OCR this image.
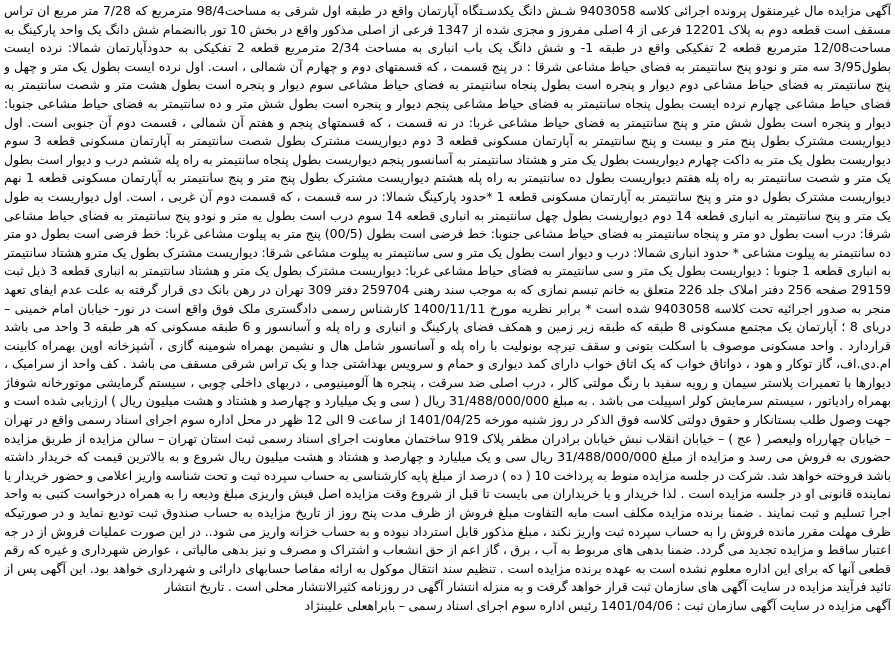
آگهی مزایده مال غیرمنقول پرونده اجرائی کلاسه 9403058 شـش دانگ یکدسـتگاه آپارتمان واقع در طبقه اول شرقی به مساحت98/4 مترمربع که 7/28 متر مربع ان تراس مسقف است قطعه دوم به پلاک 12201 فرعی از 4 اصلی مفروز و مجزی شده از 1347 فرعی از اصلی مذکور واقع در بخش 10 تور باانضمام شش دانگ یک واحد پارکینگ به مساحت12/08 مترمربع قطعه 2 تفکیکی واقع در طبقه 1- و شش دانگ یک باب انباری به مساحت 2/34 مترمربع قطعه 2 تفکیکی به حدودآپارتمان شمالا: نرده ایست بطول3/95 سه متر و نودو پنج سانتیمتر به فضای حیاط مشاعی شرقا : در پنج قسمت ، که قسمتهای دوم و چهارم آن شمالی ، است. اول نرده ایست بطول یک متر و چهل و پنج سانتیمتر به فضای حیاط مشاعی دوم دیوار و پنجره است بطول پنجاه سانتیمتر به فضای حیاط مشاعی سوم دیوار و پنجره است بطول هشت متر و شصت سانتیمتر به فضای حیاط مشاعی چهارم نرده ایست بطول پنجاه سانتیمتر به فضای حیاط مشاعی پنجم دیوار و پنجره است بطول شش متر و ده سانتیمتر به فضای حیاط مشاعی جنوبا: دیوار و پنجره است بطول شش متر و پنج سانتیمتر به فضای حیاط مشاعی غربا: در نه قسمت ، که قسمتهای پنجم و هفتم آن شمالی ، قسمت دوم آن جنوبی است. اول دیواریست مشترک بطول پنج متر و بیست و پنج سانتیمتر به آپارتمان مسکونی قطعه 3 دوم دیواریست مشترک بطول شصت سانتیمتر به آپارتمان مسکونی قطعه 3 سوم دیواریست بطول یک متر به داکت چهارم دیواریست بطول یک متر و هشتاد سانتیمتر به آسانسور پنجم دیواریست بطول پنجاه سانتیمتر به راه پله ششم درب و دیوار است بطول یک متر و شصت سانتیمتر به راه پله هفتم دیواریست بطول ده سانتیمتر به راه پله هشتم دیواریست مشترک بطول پنج متر و پنج سانتیمتر به آپارتمان مسکونی قطعه 1 نهم دیواریست مشترک بطول دو متر و پنج سانتیمتر به آپارتمان مسکونی قطعه 1 *حدود پارکینگ شمالا: در سه قسمت ، که قسمت دوم آن غربی ، است. اول دیواریست به طول یک متر و پنج سانتیمتر به انباری قطعه 14 دوم دیواریست بطول چهل سانتیمتر به انباری قطعه 14 سوم درب است بطول یه متر و نودو پنج سانتیمتر به فضای حیاط مشاعی شرقا: درب است بطول دو متر و پنجاه سانتیمتر به فضای حیاط مشاعی جنوبا: خط فرضی است بطول (00/5) پنج متر به پیلوت مشاعی غربا: خط فرضی است بطول دو متر ده سانتیمتر به پیلوت مشاعی * حدود انباری شمالا: درب و دیوار است بطول یک متر و سی سانتیمتر به پیلوت مشاعی شرقا: دیواریست مشترک بطول یک مترو هشتاد سانتیمتر به انباری قطعه 1 جنوبا : دیواریست بطول یک متر و سی سانتیمتر به فضای حیاط مشاعی غربا: دیواریست مشترک بطول یک متر و هشتاد سانتیمتر به انباری قطعه 3 ذیل ثبت 29159 صفحه 256 دفتر املاک جلد 226 متعلق به خانم تبسم نمازی که به موجب سند رهنی 259704 دفتر 309 تهران در رهن بانک دی قرار گرفته به علت عدم ایفای تعهد منجر به صدور اجرائیه تحت کلاسه 9403058 شده است * برابر نظریه مورخ 1400/11/11 کارشناس رسمی دادگستری ملک فوق واقع است در نور- خیابان امام خمینی – دریای 8 ؛ آپارتمان یک مجتمع مسکونی 8 طبقه که طبقه زیر زمین و همکف فضای پارکینگ و انباری و راه پله و آسانسور و 6 طبقه مسکونی که هر طبقه 3 واحد می باشد قراردارد . واحد مسکونی موصوف با اسکلت بتونی و سقف تیرچه بونولیت با راه پله و آسانسور شامل هال و نشیمن بهمراه شومینه گازی ، آشپزخانه اوپن بهمراه کابینت ام.دی.اف، گاز توکار و هود ، دواتاق خواب که یک اتاق خواب دارای کمد دیواری و حمام و سرویس بهداشتی جدا و یک تراس شرقی مسقف می باشد . کف واحد از سرامیک ، دیوارها با تعمیرات پلاستر سیمان و رویه سفید با رنگ مولتی کالر ، درب اصلی ضد سرقت ، پنجره ها آلومینیومی ، دربهای داخلی چوبی ، سیستم گرمایشی موتورخانه شوفاژ بهمراه رادیاتور ، سیستم سرمایش کولر اسپیلت می باشد . به مبلغ 31/488/000/000 ریال ( سی و یک میلیارد و چهارصد و هشتاد و هشت میلیون ریال ) ارزیابی شده است و جهت وصول طلب بستانکار و حقوق دولتی کلاسه فوق الذکر در روز شنبه مورخه 1401/04/25 از ساعت 9 الی 12 ظهر در محل اداره سوم اجرای اسناد رسمی واقع در تهران – خیابان چهارراه ولیعصر ( عج ) – خیابان انقلاب نبش خیابان برادران مظفر پلاک 919 ساختمان معاونت اجرای اسناد رسمی ثبت استان تهران – سالن مزایده از طریق مزایده حضوری به فروش می رسد و مزایده از مبلغ 31/488/000/000 ریال سی و یک میلیارد و چهارصد و هشتاد و هشت میلیون ریال شروع و به بالاترین قیمت که خریدار داشته باشد فروخته خواهد شد. شرکت در جلسه مزایده منوط به پرداخت 10 ( ده ) درصد از مبلغ پایه کارشناسی به حساب سپرده ثبت و تحت شناسه واریز اعلامی و حضور خریدار یا نماینده قانونی او در جلسه مزایده است . لذا خریدار و یا خریداران می بایست تا قبل از شروع وقت مزایده اصل فیش واریزی مبلغ ودیعه را به همراه درخواست کتبی به واحد اجرا تسلیم و ثبت نمایند . ضمنا برنده مزایده مکلف است مابه التفاوت مبلغ فروش از ظرف مدت پنج روز از تاریخ مزایده به حساب صندوق ثبت تودیع نماید و در صورتیکه ظرف مهلت مقرر مانده فروش را به حساب سپرده ثبت واریز نکند ، مبلغ مذکور قابل استرداد نبوده و به حساب خزانه واریز می شود.. در این صورت عملیات فروش از در جه اعتبار ساقط و مزایده تجدید می گردد. ضمنا بدهی های مربوط به آب ، برق ، گاز اعم از حق انشعاب و اشتراک و مصرف و نیز بدهی مالیاتی ، عوارض شهرداری و غیره که رقم قطعی آنها که برای این اداره معلوم نشده است به عهده برنده مزایده است . تنظیم سند انتقال موکول به ارائه مفاصا حسابهای دارائی و شهرداری خواهد بود. این آگهی پس از تائید فرآیند مزایده در سایت آگهی های سازمان ثبت قرار خواهد گرفت و به منزله انتشار آگهی در روزنامه کثیرالانتشار محلی است . تاریخ انتشار

آگهی مزایده در سایت آگهی سازمان ثبت : 1401/04/06 رئیس اداره سوم اجرای اسناد رسمی – بابراهعلی علیبنژاد
